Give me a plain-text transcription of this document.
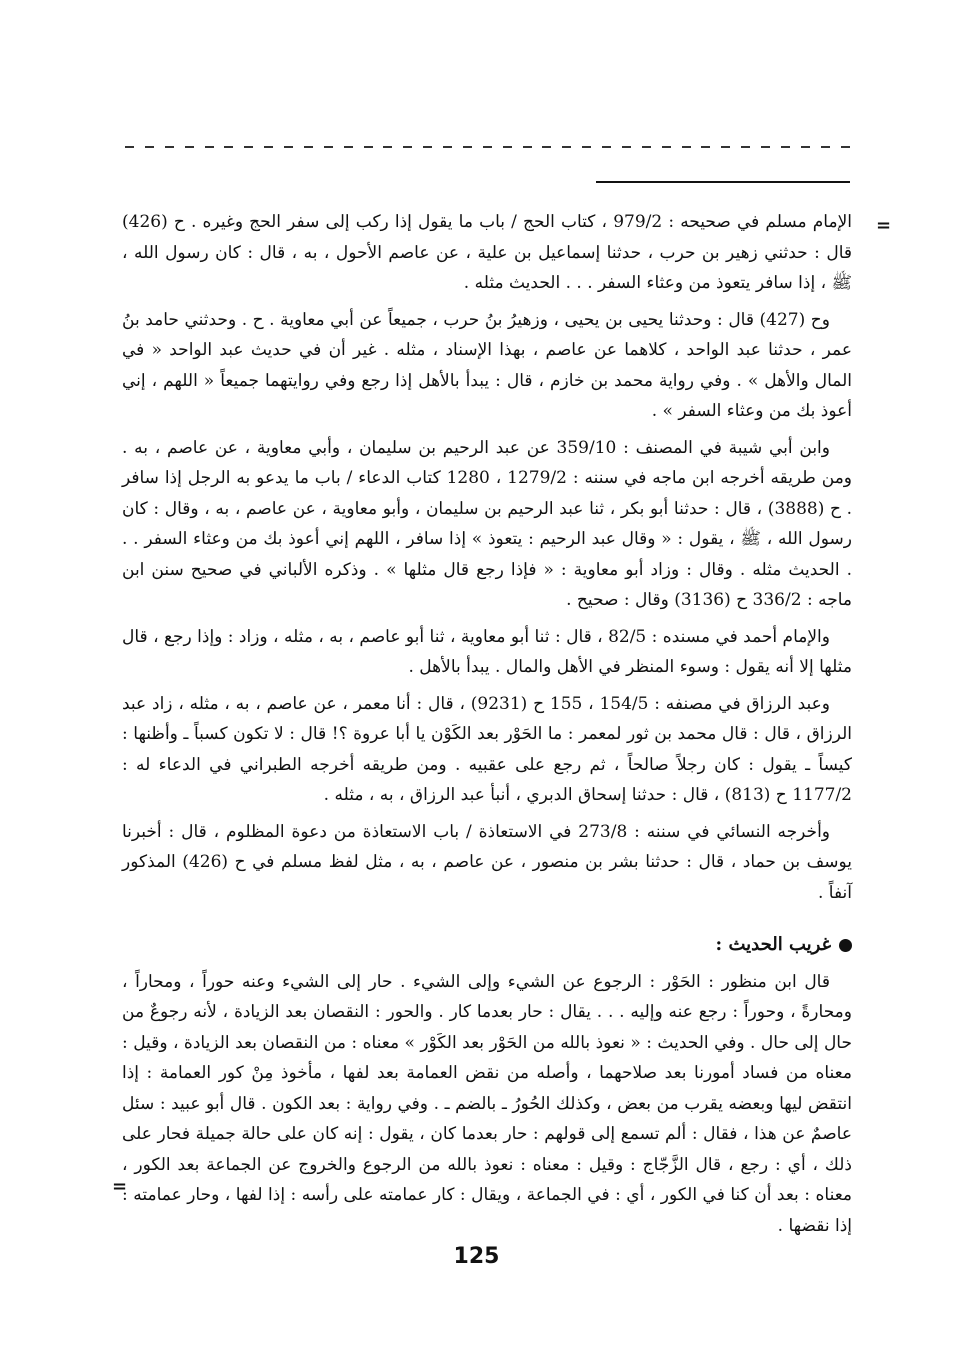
=

الإمام مسلم في صحيحه : 979/2 ، كتاب الحج / باب ما يقول إذا ركب إلى سفر الحج وغيره . ح (426) قال : حدثني زهير بن حرب ، حدثنا إسماعيل بن علية ، عن عاصم الأحول ، به ، قال : كان رسول الله ، ﷺ ، إذا سافر يتعوذ من وعثاء السفر . . . الحديث مثله .

وح (427) قال : وحدثنا يحيى بن يحيى ، وزهيرُ بنُ حرب ، جميعاً عن أبي معاوية . ح . وحدثني حامد بنُ عمر ، حدثنا عبد الواحد ، كلاهما عن عاصم ، بهذا الإسناد ، مثله . غير أن في حديث عبد الواحد « في المال والأهل » . وفي رواية محمد بن خازم ، قال : يبدأ بالأهل إذا رجع وفي روايتهما جميعاً « اللهم ، إني أعوذ بك من وعثاء السفر » .

وابن أبي شيبة في المصنف : 359/10 عن عبد الرحيم بن سليمان ، وأبي معاوية ، عن عاصم ، به . ومن طريقه أخرجه ابن ماجه في سننه : 1279/2 ، 1280 كتاب الدعاء / باب ما يدعو به الرجل إذا سافر . ح (3888) ، قال : حدثنا أبو بكر ، ثنا عبد الرحيم بن سليمان ، وأبو معاوية ، عن عاصم ، به ، وقال : كان رسول الله ، ﷺ ، يقول : « وقال عبد الرحيم : يتعوذ » إذا سافر ، اللهم إني أعوذ بك من وعثاء السفر . . . الحديث مثله . وقال : وزاد أبو معاوية : « فإذا رجع قال مثلها » . وذكره الألباني في صحيح سنن ابن ماجه : 336/2 ح (3136) وقال : صحيح .

والإمام أحمد في مسنده : 82/5 ، قال : ثنا أبو معاوية ، ثنا أبو عاصم ، به ، مثله ، وزاد : وإذا رجع ، قال مثلها إلا أنه يقول : وسوء المنظر في الأهل والمال . يبدأ بالأهل .

وعبد الرزاق في مصنفه : 154/5 ، 155 ح (9231) ، قال : أنا معمر ، عن عاصم ، به ، مثله ، زاد عبد الرزاق ، قال : قال محمد بن ثور لمعمر : ما الحَوْر بعد الكَوْن يا أبا عروة ؟! قال : لا تكون كسباً ـ وأظنها : كيساً ـ يقول : كان رجلاً صالحاً ، ثم رجع على عقبيه . ومن طريقه أخرجه الطبراني في الدعاء له : 1177/2 ح (813) ، قال : حدثنا إسحاق الدبري ، أنبأ عبد الرزاق ، به ، مثله .

وأخرجه النسائي في سننه : 273/8 في الاستعاذة / باب الاستعاذة من دعوة المظلوم ، قال : أخبرنا يوسف بن حماد ، قال : حدثنا بشر بن منصور ، عن عاصم ، به ، مثل لفظ مسلم في ح (426) المذكور آنفاً .

غريب الحديث :

قال ابن منظور : الحَوْر : الرجوع عن الشيء وإلى الشيء . حار إلى الشيء وعنه حوراً ، ومحاراً ، ومحارةً ، وحوراً : رجع عنه وإليه . . . يقال : حار بعدما كار . والحور : النقصان بعد الزيادة ، لأنه رجوعٌ من حال إلى حال . وفي الحديث : « نعوذ بالله من الحَوْر بعد الكَوْر » معناه : من النقصان بعد الزيادة ، وقيل : معناه من فساد أمورنا بعد صلاحهما ، وأصله من نقض العمامة بعد لفها ، مأخوذ مِنْ كور العمامة : إذا انتقض ليها وبعضه يقرب من بعض ، وكذلك الحُورُ ـ بالضم ـ . وفي رواية : بعد الكون . قال أبو عبيد : سئل عاصمٌ عن هذا ، فقال : ألم تسمع إلى قولهم : حار بعدما كان ، يقول : إنه كان على حالة جميلة فحار على ذلك ، أي : رجع ، قال الزَّجّاج : وقيل : معناه : نعوذ بالله من الرجوع والخروج عن الجماعة بعد الكور ، معناه : بعد أن كنا في الكور ، أي : في الجماعة ، ويقال : كار عمامته على رأسه : إذا لفها ، وحار عمامته : إذا نقضها .

=
125
